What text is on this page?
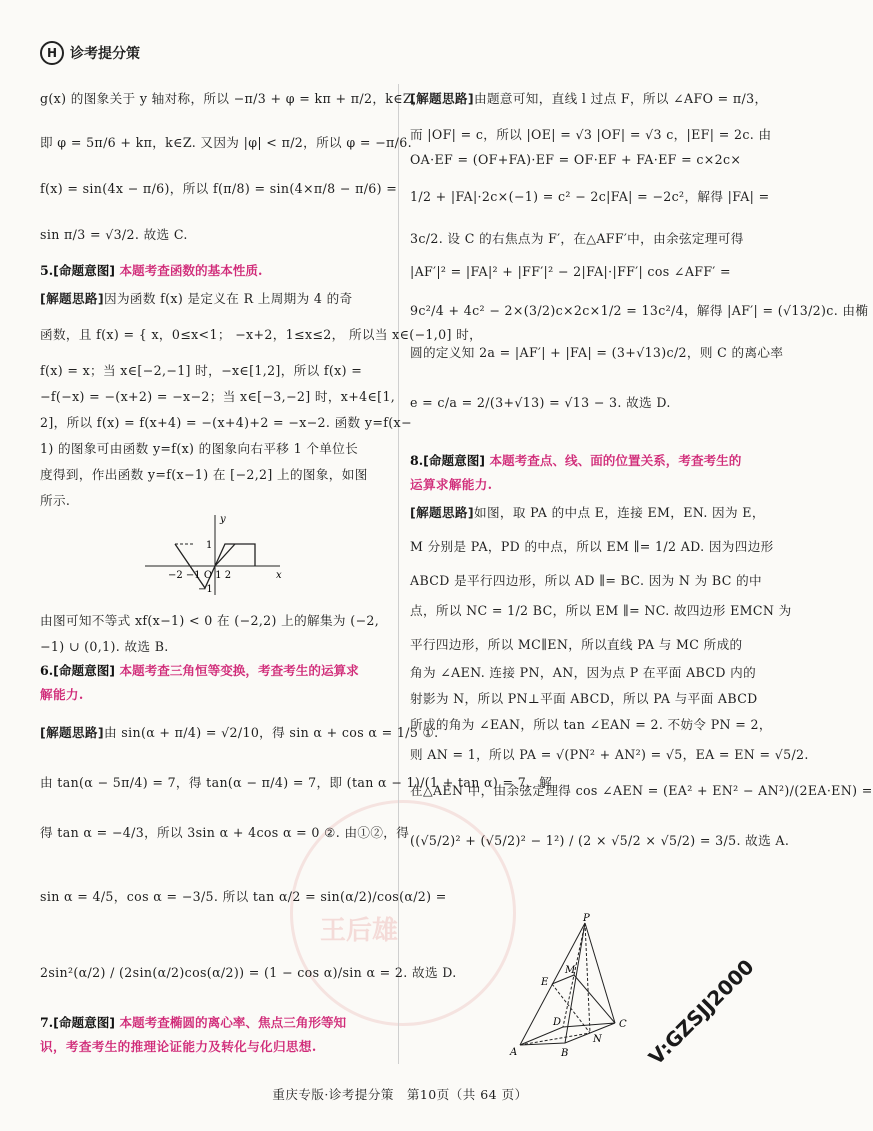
王后雄
H 诊考提分策
g(x) 的图象关于 y 轴对称，所以 −π/3 + φ = kπ + π/2，k∈Z，
即 φ = 5π/6 + kπ，k∈Z. 又因为 |φ| < π/2，所以 φ = −π/6.
f(x) = sin(4x − π/6)，所以 f(π/8) = sin(4×π/8 − π/6) =
sin π/3 = √3/2. 故选 C.
5.[命题意图] 本题考查函数的基本性质.
[解题思路]因为函数 f(x) 是定义在 R 上周期为 4 的奇
函数，且 f(x) = { x，0≤x<1； −x+2，1≤x≤2， 所以当 x∈(−1,0] 时，
f(x) = x；当 x∈[−2,−1] 时，−x∈[1,2]，所以 f(x) =
−f(−x) = −(x+2) = −x−2；当 x∈[−3,−2] 时，x+4∈[1,
2]，所以 f(x) = f(x+4) = −(x+4)+2 = −x−2. 函数 y=f(x−
1) 的图象可由函数 y=f(x) 的图象向右平移 1 个单位长
度得到，作出函数 y=f(x−1) 在 [−2,2] 上的图象，如图
所示.
y
x
1
−1
−2 −1 O 1 2
由图可知不等式 xf(x−1) < 0 在 (−2,2) 上的解集为 (−2,
−1) ∪ (0,1). 故选 B.
6.[命题意图] 本题考查三角恒等变换，考查考生的运算求
解能力.
[解题思路]由 sin(α + π/4) = √2/10，得 sin α + cos α = 1/5 ①.
由 tan(α − 5π/4) = 7，得 tan(α − π/4) = 7，即 (tan α − 1)/(1 + tan α) = 7，解
得 tan α = −4/3，所以 3sin α + 4cos α = 0 ②. 由①②，得
sin α = 4/5，cos α = −3/5. 所以 tan α/2 = sin(α/2)/cos(α/2) =
2sin²(α/2) / (2sin(α/2)cos(α/2)) = (1 − cos α)/sin α = 2. 故选 D.
7.[命题意图] 本题考查椭圆的离心率、焦点三角形等知
识，考查考生的推理论证能力及转化与化归思想.
[解题思路]由题意可知，直线 l 过点 F，所以 ∠AFO = π/3，
而 |OF| = c，所以 |OE| = √3 |OF| = √3 c，|EF| = 2c. 由
OA·EF = (OF+FA)·EF = OF·EF + FA·EF = c×2c×
1/2 + |FA|·2c×(−1) = c² − 2c|FA| = −2c²，解得 |FA| =
3c/2. 设 C 的右焦点为 F′，在△AFF′中，由余弦定理可得
|AF′|² = |FA|² + |FF′|² − 2|FA|·|FF′| cos ∠AFF′ =
9c²/4 + 4c² − 2×(3/2)c×2c×1/2 = 13c²/4，解得 |AF′| = (√13/2)c. 由椭
圆的定义知 2a = |AF′| + |FA| = (3+√13)c/2，则 C 的离心率
e = c/a = 2/(3+√13) = √13 − 3. 故选 D.
8.[命题意图] 本题考查点、线、面的位置关系，考查考生的
运算求解能力.
[解题思路]如图，取 PA 的中点 E，连接 EM，EN. 因为 E，
M 分别是 PA，PD 的中点，所以 EM ∥= 1/2 AD. 因为四边形
ABCD 是平行四边形，所以 AD ∥= BC. 因为 N 为 BC 的中
点，所以 NC = 1/2 BC，所以 EM ∥= NC. 故四边形 EMCN 为
平行四边形，所以 MC∥EN，所以直线 PA 与 MC 所成的
角为 ∠AEN. 连接 PN，AN，因为点 P 在平面 ABCD 内的
射影为 N，所以 PN⊥平面 ABCD，所以 PA 与平面 ABCD
所成的角为 ∠EAN，所以 tan ∠EAN = 2. 不妨令 PN = 2，
则 AN = 1，所以 PA = √(PN² + AN²) = √5，EA = EN = √5/2.
在△AEN 中，由余弦定理得 cos ∠AEN = (EA² + EN² − AN²)/(2EA·EN) =
((√5/2)² + (√5/2)² − 1²) / (2 × √5/2 × √5/2) = 3/5. 故选 A.
P
M
E
D	C
A	B
N
重庆专版·诊考提分策　第10页（共 64 页）
V:GZSJJ2000
